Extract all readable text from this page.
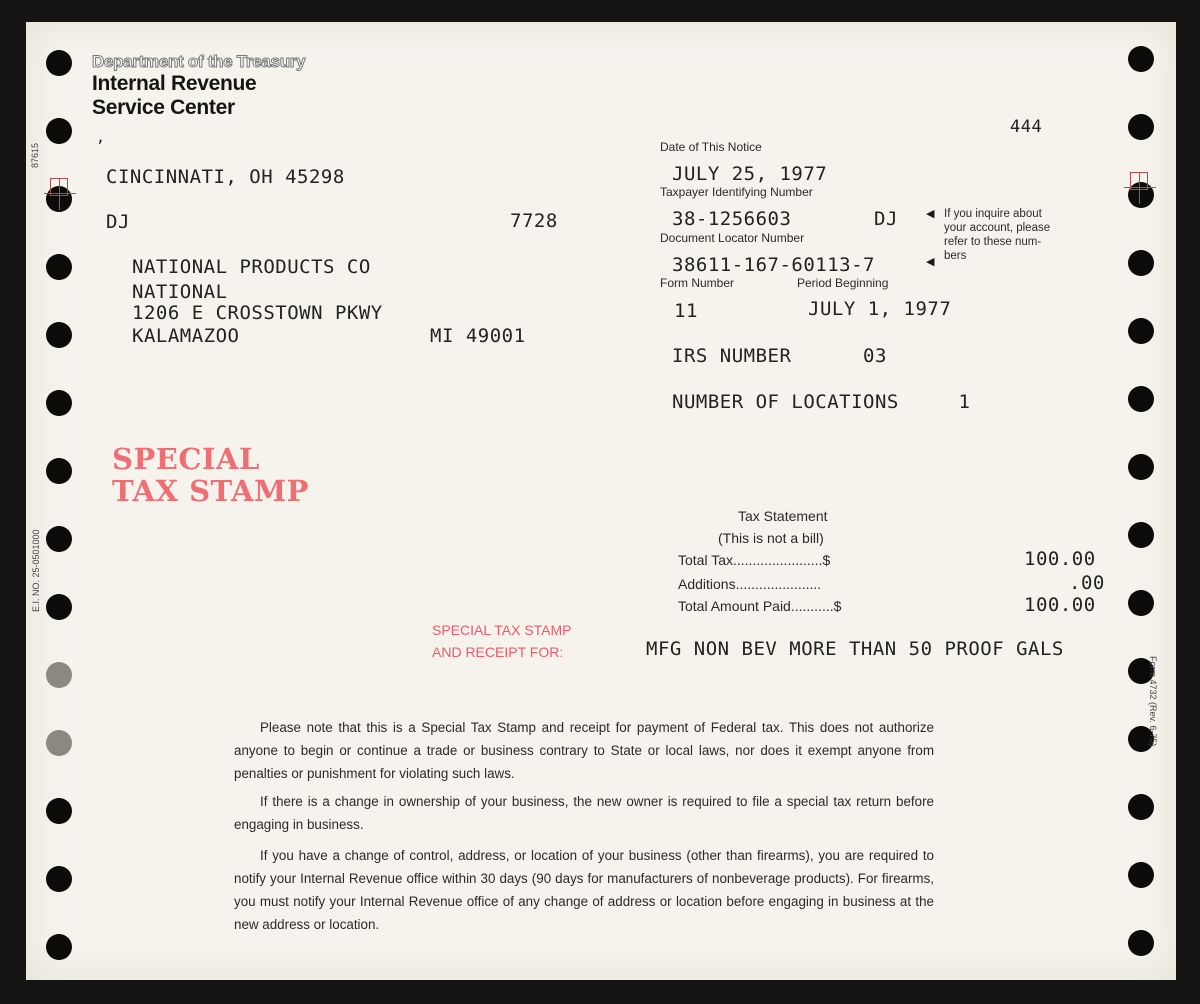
87615
E.I. NO. 25-0501000
Form 4732 (Rev. 6-75)
Department of the Treasury
Internal Revenue
Service Center
,	444
CINCINNATI, OH 45298
DJ	7728
NATIONAL PRODUCTS CO
NATIONAL
1206 E CROSSTOWN PKWY
KALAMAZOO	MI 49001
Date of This Notice
JULY 25, 1977
Taxpayer Identifying Number
38-1256603	DJ
Document Locator Number
38611-167-60113-7
Form Number	Period Beginning
11	JULY 1, 1977
IRS NUMBER      03
NUMBER OF LOCATIONS     1
◀
◀
If you inquire about
your account, please
refer to these num-
bers
SPECIAL
TAX STAMP
Tax Statement
(This is not a bill)
Total Tax.......................$	100.00
Additions......................	.00
Total Amount Paid...........$	100.00
SPECIAL TAX STAMP
AND RECEIPT FOR:	MFG NON BEV MORE THAN 50 PROOF GALS
Please note that this is a Special Tax Stamp and receipt for payment of Federal tax. This does not authorize anyone to begin or continue a trade or business contrary to State or local laws, nor does it exempt anyone from penalties or punishment for violating such laws.
If there is a change in ownership of your business, the new owner is required to file a special tax return before engaging in business.
If you have a change of control, address, or location of your business (other than firearms), you are required to notify your Internal Revenue office within 30 days (90 days for manufacturers of nonbeverage products). For firearms, you must notify your Internal Revenue office of any change of address or location before engaging in business at the new address or location.
